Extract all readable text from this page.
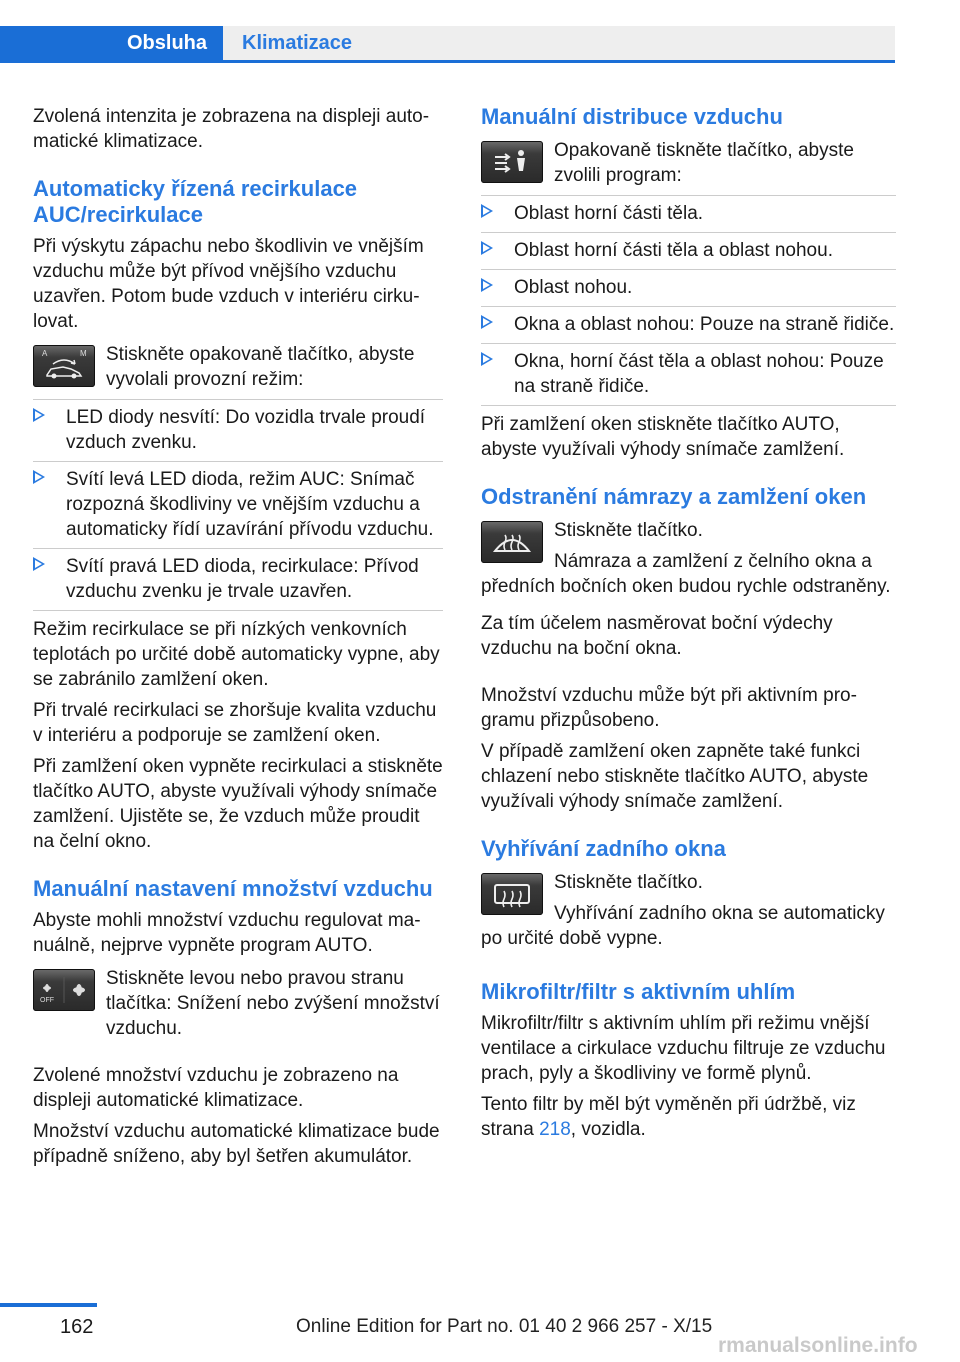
Obsluha	Klimatizace

Zvolená intenzita je zobrazena na displeji automatické klimatizace.

Automaticky řízená recirkulace AUC/recirkulace

Při výskytu zápachu nebo škodlivin ve vnějším vzduchu může být přívod vnějšího vzduchu uzavřen. Potom bude vzduch v interiéru cirkulovat.

A	M Stiskněte opakovaně tlačítko, abyste vyvolali provozní režim:
LED diody nesvítí: Do vozidla trvale proudí vzduch zvenku.
Svítí levá LED dioda, režim AUC: Snímač rozpozná škodliviny ve vnějším vzduchu a automaticky řídí uzavírání přívodu vzduchu.
Svítí pravá LED dioda, recirkulace: Přívod vzduchu zvenku je trvale uzavřen.

Režim recirkulace se při nízkých venkovních teplotách po určité době automaticky vypne, aby se zabránilo zamlžení oken.

Při trvalé recirkulaci se zhoršuje kvalita vzduchu v interiéru a podporuje se zamlžení oken.

Při zamlžení oken vypněte recirkulaci a stiskněte tlačítko AUTO, abyste využívali výhody snímače zamlžení. Ujistěte se, že vzduch může proudit na čelní okno.

Manuální nastavení množství vzduchu

Abyste mohli množství vzduchu regulovat manuálně, nejprve vypněte program AUTO.

OFF
Stiskněte levou nebo pravou stranu tlačítka: Snížení nebo zvýšení množství vzduchu.

Zvolené množství vzduchu je zobrazeno na displeji automatické klimatizace.

Množství vzduchu automatické klimatizace bude případně sníženo, aby byl šetřen akumulátor.

Manuální distribuce vzduchu
Opakovaně tiskněte tlačítko, abyste zvolili program:
Oblast horní části těla.
Oblast horní části těla a oblast nohou.
Oblast nohou.
Okna a oblast nohou: Pouze na straně řidiče.
Okna, horní část těla a oblast nohou: Pouze na straně řidiče.

Při zamlžení oken stiskněte tlačítko AUTO, abyste využívali výhody snímače zamlžení.

Odstranění námrazy a zamlžení oken

Stiskněte tlačítko.

Námraza a zamlžení z čelního okna a předních bočních oken budou rychle odstraněny.

Za tím účelem nasměrovat boční výdechy vzduchu na boční okna.

Množství vzduchu může být při aktivním programu přizpůsobeno.

V případě zamlžení oken zapněte také funkci chlazení nebo stiskněte tlačítko AUTO, abyste využívali výhody snímače zamlžení.

Vyhřívání zadního okna

Stiskněte tlačítko.

Vyhřívání zadního okna se automaticky po určité době vypne.

Mikrofiltr/filtr s aktivním uhlím

Mikrofiltr/filtr s aktivním uhlím při režimu vnější ventilace a cirkulace vzduchu filtruje ze vzduchu prach, pyly a škodliviny ve formě plynů.

Tento filtr by měl být vyměněn při údržbě, viz strana 218, vozidla.

162	Online Edition for Part no. 01 40 2 966 257 - X/15
rmanualsonline.info
